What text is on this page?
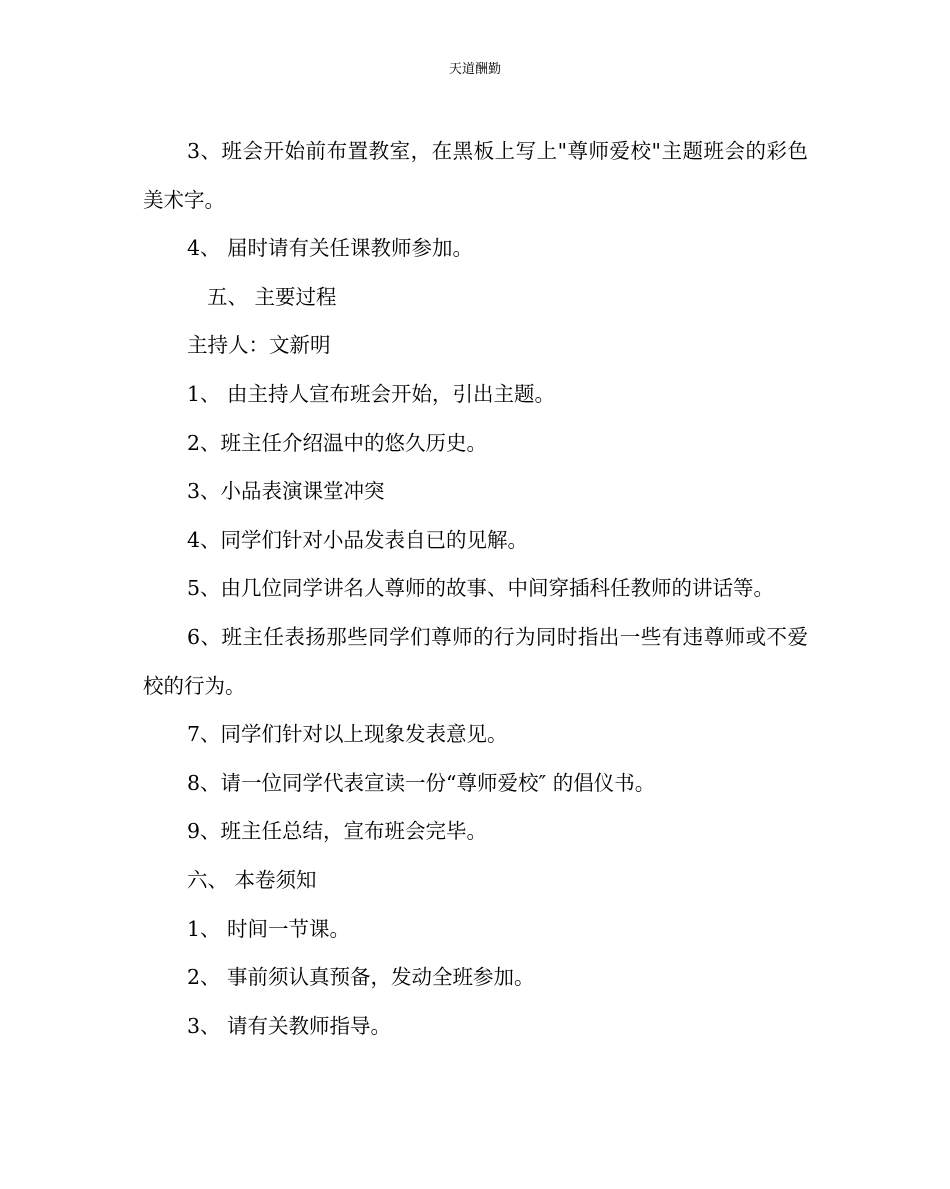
天道酬勤

3、班会开始前布置教室，在黑板上写上"尊师爱校"主题班会的彩色美术字。

4、 届时请有关任课教师参加。

五、 主要过程

主持人：文新明

1、 由主持人宣布班会开始，引出主题。

2、班主任介绍温中的悠久历史。

3、小品表演课堂冲突

4、同学们针对小品发表自已的见解。

5、由几位同学讲名人尊师的故事、中间穿插科任教师的讲话等。

6、班主任表扬那些同学们尊师的行为同时指出一些有违尊师或不爱校的行为。

7、同学们针对以上现象发表意见。

8、请一位同学代表宣读一份“尊师爱校″ 的倡仪书。

9、班主任总结，宣布班会完毕。

六、 本卷须知

1、 时间一节课。

2、 事前须认真预备，发动全班参加。

3、 请有关教师指导。
